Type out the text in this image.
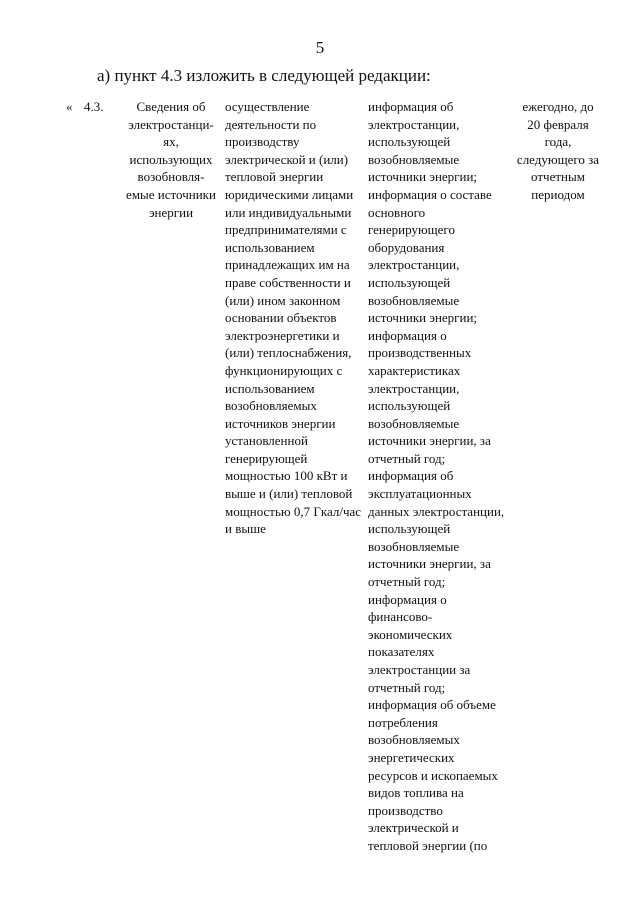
5
а) пункт 4.3 изложить в следующей редакции:
« 4.3.	Сведения об
электростанци-
ях,
использующих
возобновля-
емые источники
энергии
осуществление
деятельности по
производству
электрической и (или)
тепловой энергии
юридическими лицами
или индивидуальными
предпринимателями с
использованием
принадлежащих им на
праве собственности и
(или) ином законном
основании объектов
электроэнергетики и
(или) теплоснабжения,
функционирующих с
использованием
возобновляемых
источников энергии
установленной
генерирующей
мощностью 100 кВт и
выше и (или) тепловой
мощностью 0,7 Гкал/час
и выше
информация об
электростанции,
использующей
возобновляемые
источники энергии;
информация о составе
основного
генерирующего
оборудования
электростанции,
использующей
возобновляемые
источники энергии;
информация о
производственных
характеристиках
электростанции,
использующей
возобновляемые
источники энергии, за
отчетный год;
информация об
эксплуатационных
данных электростанции,
использующей
возобновляемые
источники энергии, за
отчетный год;
информация о
финансово-
экономических
показателях
электростанции за
отчетный год;
информация об объеме
потребления
возобновляемых
энергетических
ресурсов и ископаемых
видов топлива на
производство
электрической и
тепловой энергии (по
ежегодно, до
20 февраля
года,
следующего за
отчетным
периодом
